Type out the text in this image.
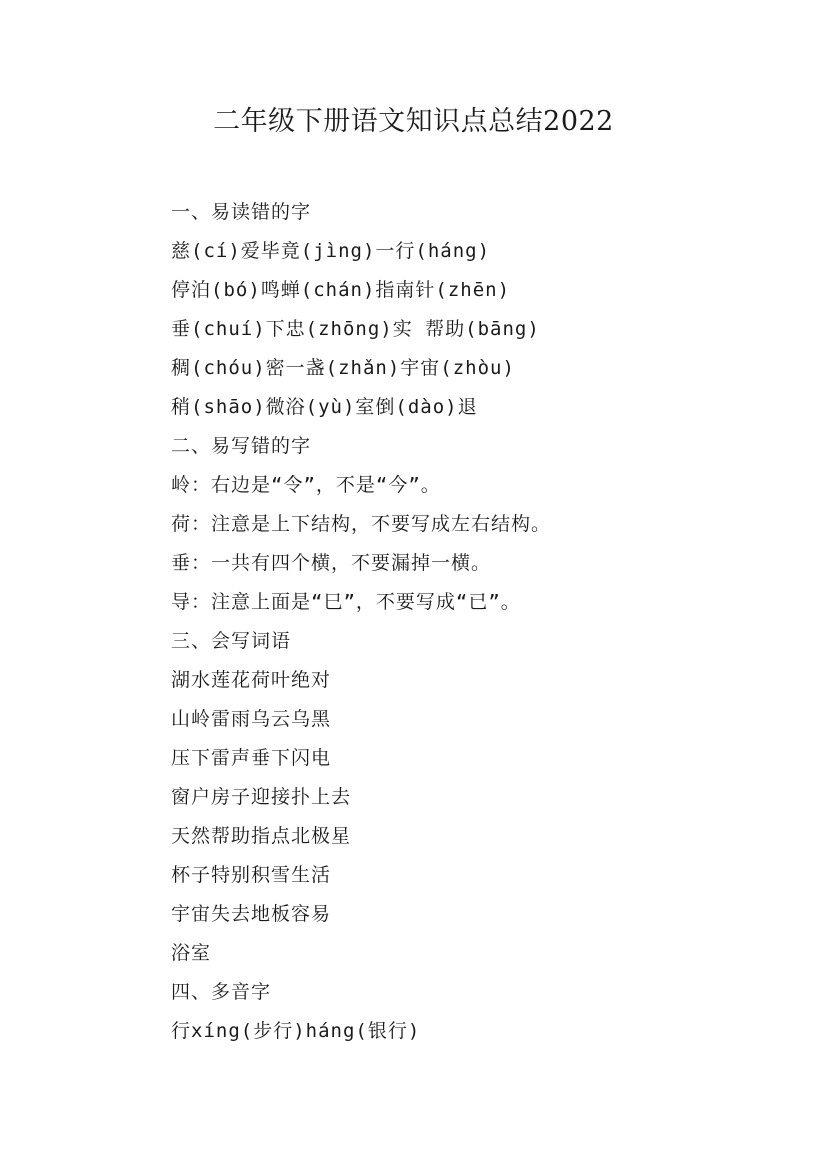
二年级下册语文知识点总结2022
一、易读错的字
慈(cí)爱毕竟(jìng)一行(háng)
停泊(bó)鸣蝉(chán)指南针(zhēn)
垂(chuí)下忠(zhōng)实 帮助(bāng)
稠(chóu)密一盏(zhǎn)宇宙(zhòu)
稍(shāo)微浴(yù)室倒(dào)退
二、易写错的字
岭：右边是“令”，不是“今”。
荷：注意是上下结构，不要写成左右结构。
垂：一共有四个横，不要漏掉一横。
导：注意上面是“巳”，不要写成“已”。
三、会写词语
湖水莲花荷叶绝对
山岭雷雨乌云乌黑
压下雷声垂下闪电
窗户房子迎接扑上去
天然帮助指点北极星
杯子特别积雪生活
宇宙失去地板容易
浴室
四、多音字
行xíng(步行)háng(银行)
